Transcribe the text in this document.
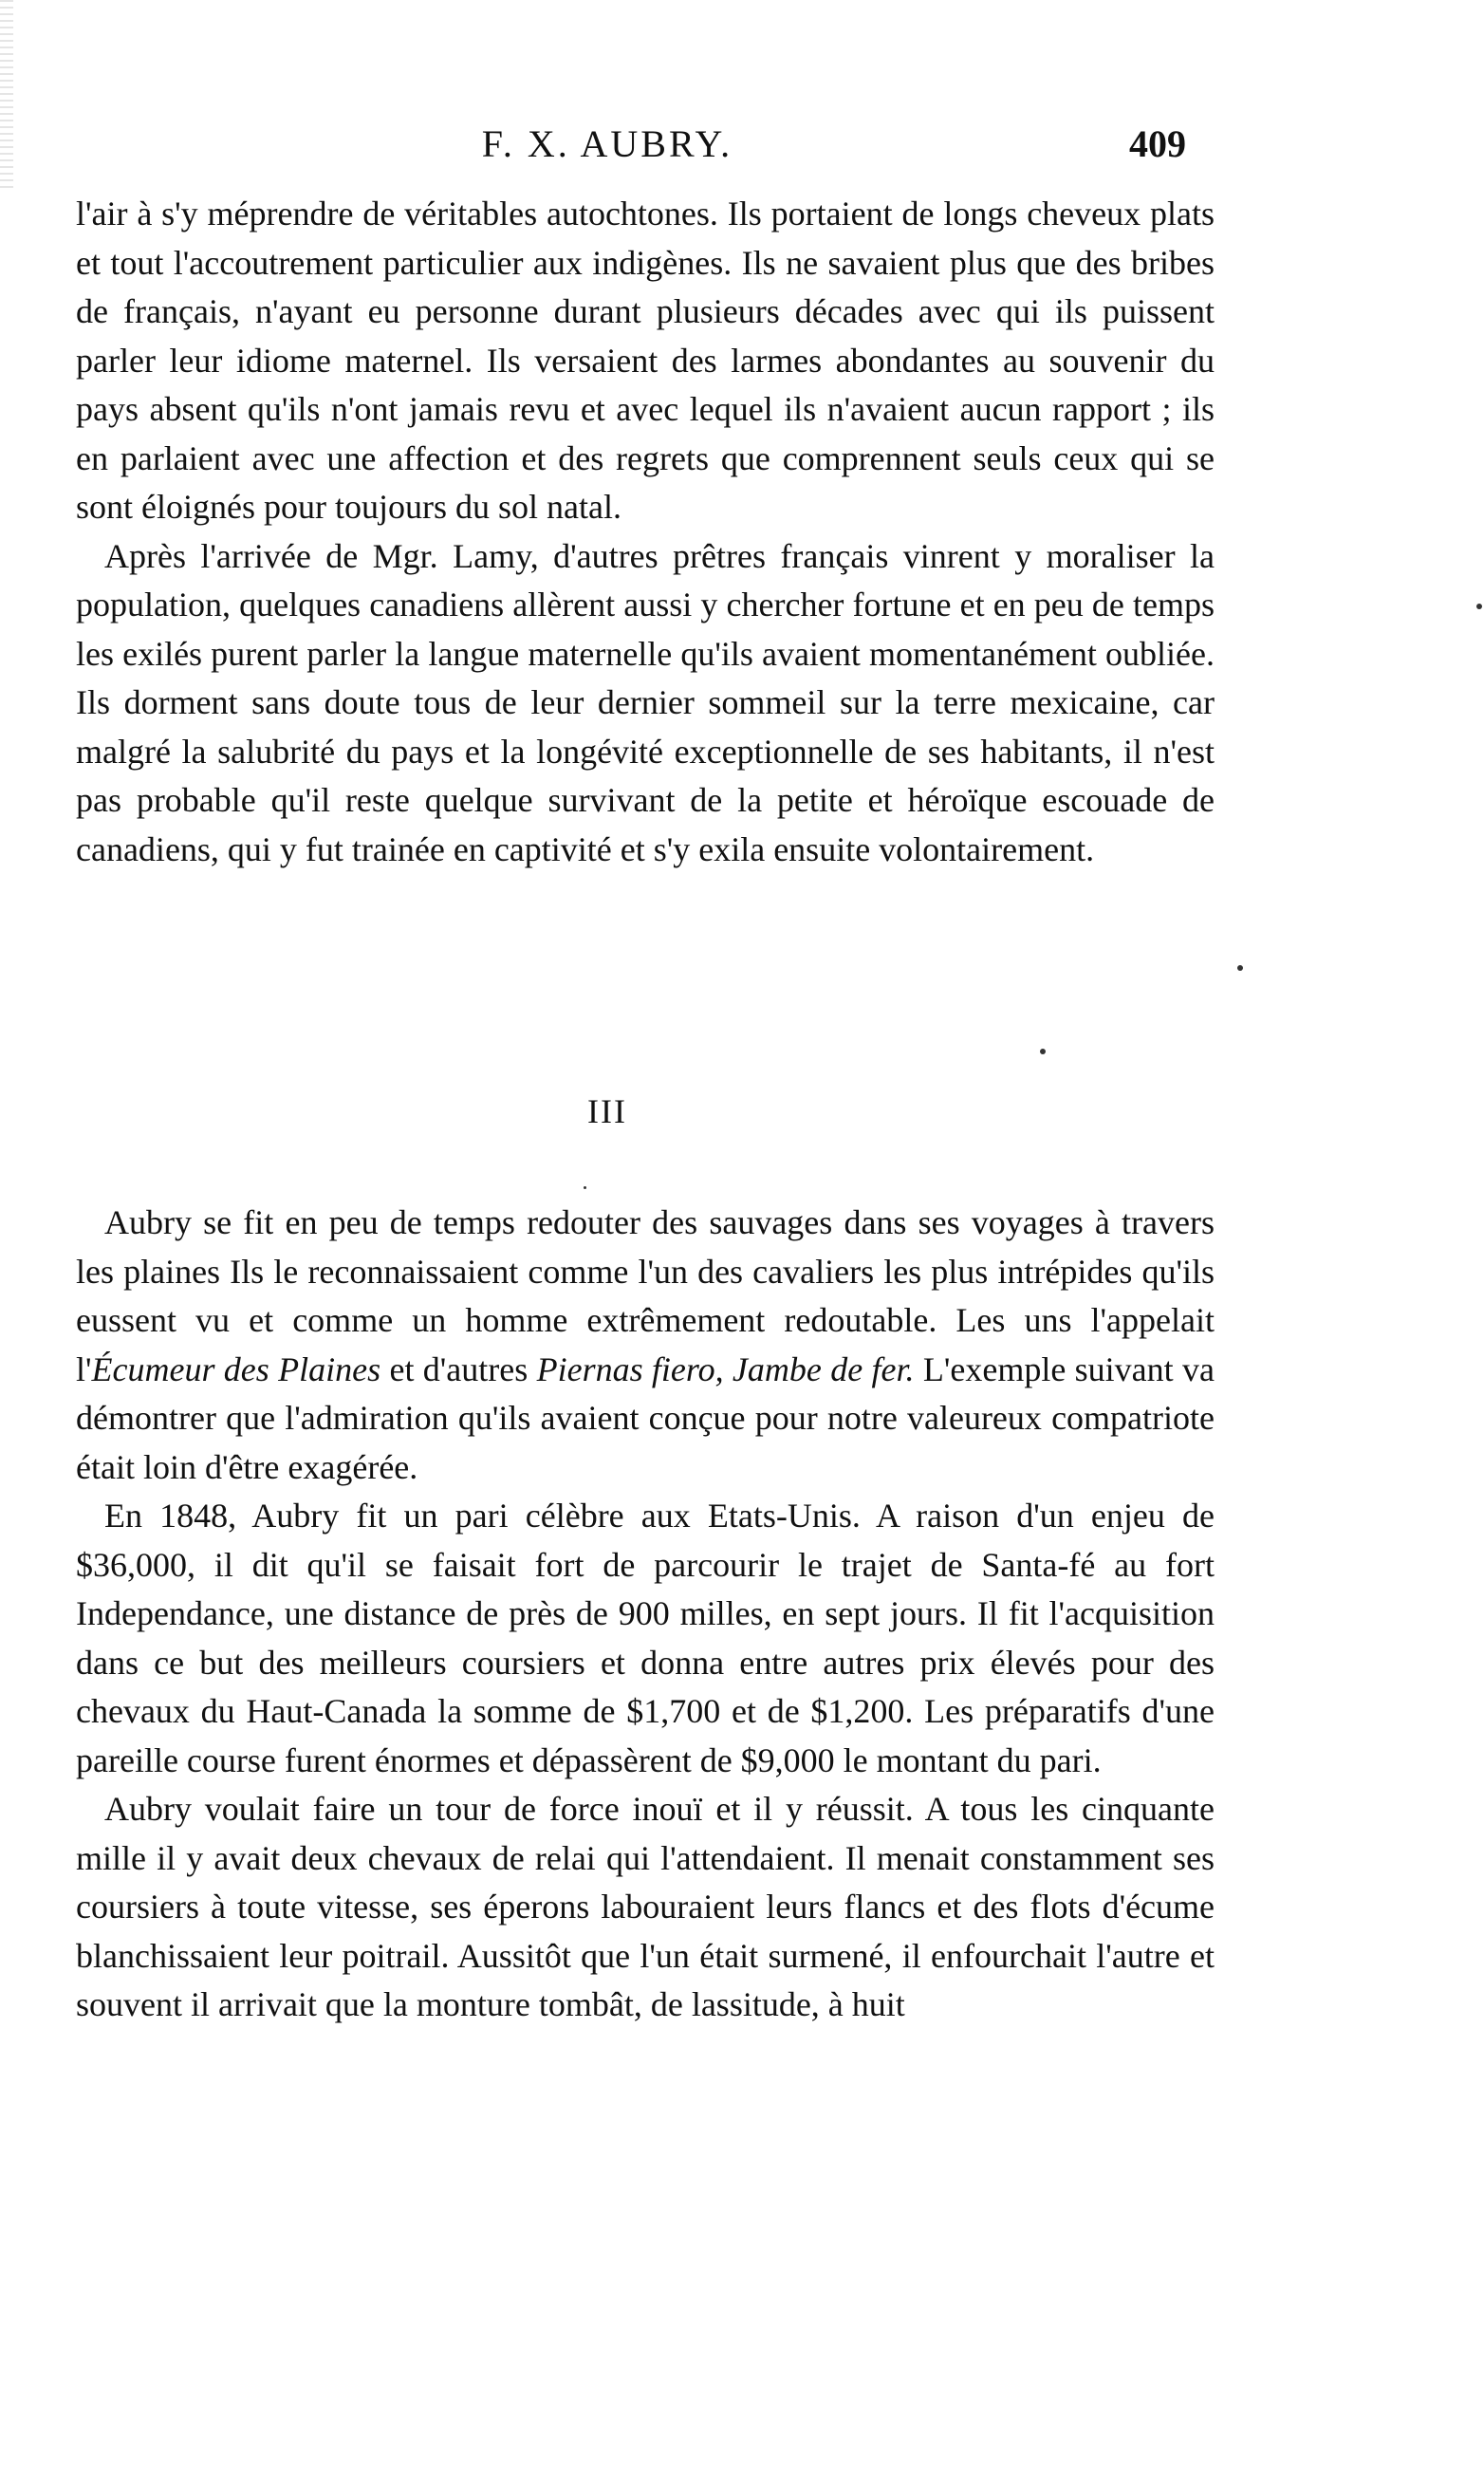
F. X. AUBRY.	409

l'air à s'y méprendre de véritables autochtones. Ils portaient de longs cheveux plats et tout l'accoutrement particulier aux indigènes. Ils ne savaient plus que des bribes de français, n'ayant eu personne durant plusieurs décades avec qui ils puissent parler leur idiome maternel. Ils versaient des larmes abondantes au souvenir du pays absent qu'ils n'ont jamais revu et avec lequel ils n'avaient aucun rapport ; ils en parlaient avec une affection et des regrets que comprennent seuls ceux qui se sont éloignés pour toujours du sol natal.

Après l'arrivée de Mgr. Lamy, d'autres prêtres français vinrent y moraliser la population, quelques canadiens allèrent aussi y chercher fortune et en peu de temps les exilés purent parler la langue maternelle qu'ils avaient momentanément oubliée. Ils dorment sans doute tous de leur dernier sommeil sur la terre mexicaine, car malgré la salubrité du pays et la longévité exceptionnelle de ses habitants, il n'est pas probable qu'il reste quelque survivant de la petite et héroïque escouade de canadiens, qui y fut trainée en captivité et s'y exila ensuite volontairement.

III

Aubry se fit en peu de temps redouter des sauvages dans ses voyages à travers les plaines Ils le reconnaissaient comme l'un des cavaliers les plus intrépides qu'ils eussent vu et comme un homme extrêmement redoutable. Les uns l'appelait l'Écumeur des Plaines et d'autres Piernas fiero, Jambe de fer. L'exemple suivant va démontrer que l'admiration qu'ils avaient conçue pour notre valeureux compatriote était loin d'être exagérée.

En 1848, Aubry fit un pari célèbre aux Etats-Unis. A raison d'un enjeu de $36,000, il dit qu'il se faisait fort de parcourir le trajet de Santa-fé au fort Independance, une distance de près de 900 milles, en sept jours. Il fit l'acquisition dans ce but des meilleurs coursiers et donna entre autres prix élevés pour des chevaux du Haut-Canada la somme de $1,700 et de $1,200. Les préparatifs d'une pareille course furent énormes et dépassèrent de $9,000 le montant du pari.

Aubry voulait faire un tour de force inouï et il y réussit. A tous les cinquante mille il y avait deux chevaux de relai qui l'attendaient. Il menait constamment ses coursiers à toute vitesse, ses éperons labouraient leurs flancs et des flots d'écume blanchissaient leur poitrail. Aussitôt que l'un était surmené, il enfourchait l'autre et souvent il arrivait que la monture tombât, de lassitude, à huit
